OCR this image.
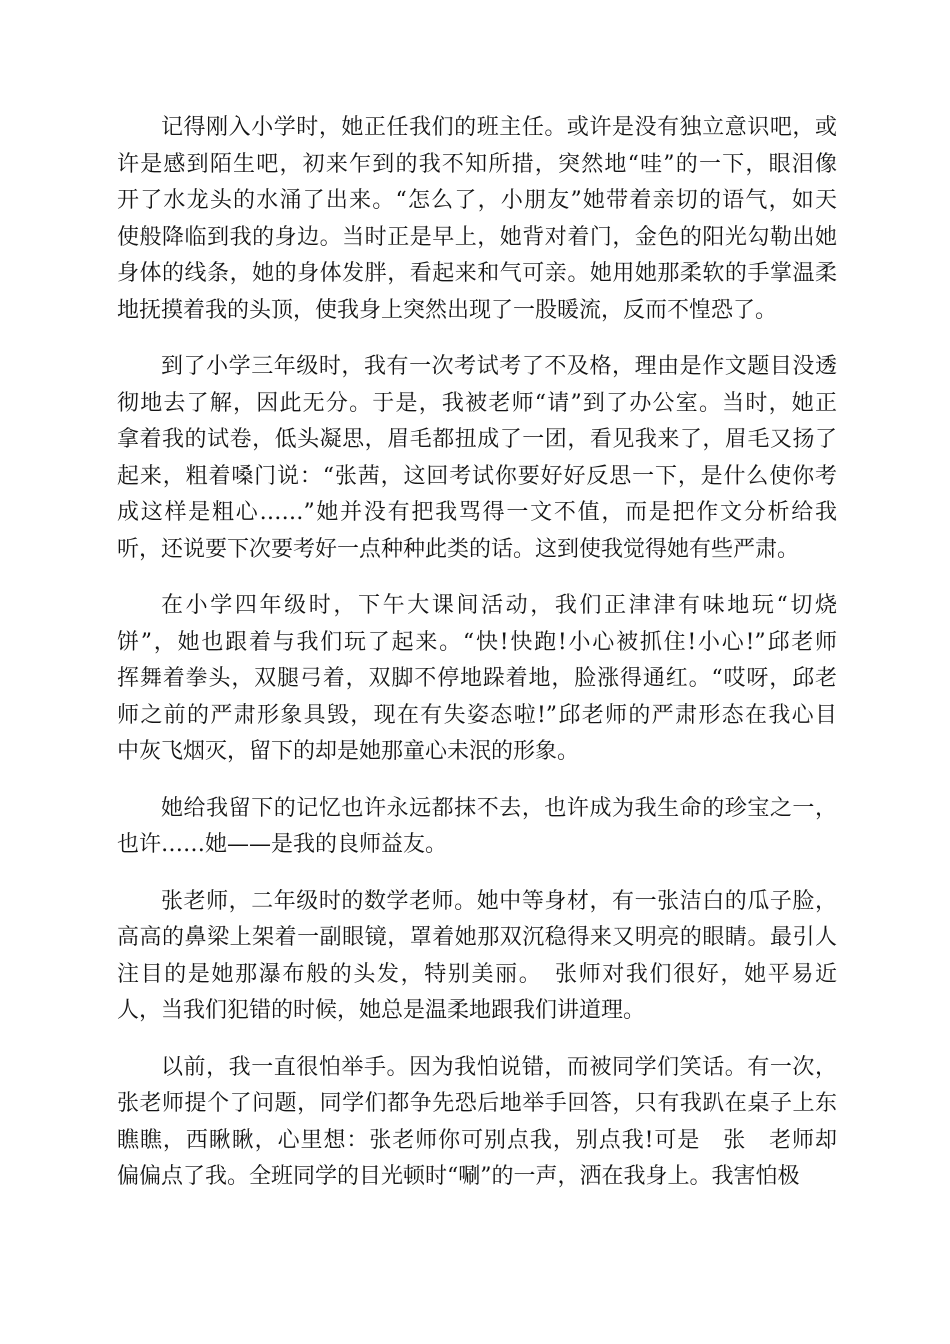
记得刚入小学时，她正任我们的班主任。或许是没有独立意识吧，或
许是感到陌生吧，初来乍到的我不知所措，突然地“哇”的一下，眼泪像
开了水龙头的水涌了出来。“怎么了，小朋友”她带着亲切的语气，如天
使般降临到我的身边。当时正是早上，她背对着门，金色的阳光勾勒出她
身体的线条，她的身体发胖，看起来和气可亲。她用她那柔软的手掌温柔
地抚摸着我的头顶，使我身上突然出现了一股暖流，反而不惶恐了。
到了小学三年级时，我有一次考试考了不及格，理由是作文题目没透
彻地去了解，因此无分。于是，我被老师“请”到了办公室。当时，她正
拿着我的试卷，低头凝思，眉毛都扭成了一团，看见我来了，眉毛又扬了
起来，粗着嗓门说：“张茜，这回考试你要好好反思一下，是什么使你考
成这样是粗心……”她并没有把我骂得一文不值，而是把作文分析给我
听，还说要下次要考好一点种种此类的话。这到使我觉得她有些严肃。
在小学四年级时，下午大课间活动，我们正津津有味地玩“切烧
饼”，她也跟着与我们玩了起来。“快!快跑!小心被抓住!小心!”邱老师
挥舞着拳头，双腿弓着，双脚不停地跺着地，脸涨得通红。“哎呀，邱老
师之前的严肃形象具毁，现在有失姿态啦!”邱老师的严肃形态在我心目
中灰飞烟灭，留下的却是她那童心未泯的形象。
她给我留下的记忆也许永远都抹不去，也许成为我生命的珍宝之一，
也许……她——是我的良师益友。
张老师，二年级时的数学老师。她中等身材，有一张洁白的瓜子脸，
高高的鼻梁上架着一副眼镜，罩着她那双沉稳得来又明亮的眼睛。最引人
注目的是她那瀑布般的头发，特别美丽。　张师对我们很好，她平易近
人，当我们犯错的时候，她总是温柔地跟我们讲道理。
以前，我一直很怕举手。因为我怕说错，而被同学们笑话。有一次，
张老师提个了问题，同学们都争先恐后地举手回答，只有我趴在桌子上东
瞧瞧，西瞅瞅，心里想：张老师你可别点我，别点我!可是　张　老师却
偏偏点了我。全班同学的目光顿时“唰”的一声，洒在我身上。我害怕极
